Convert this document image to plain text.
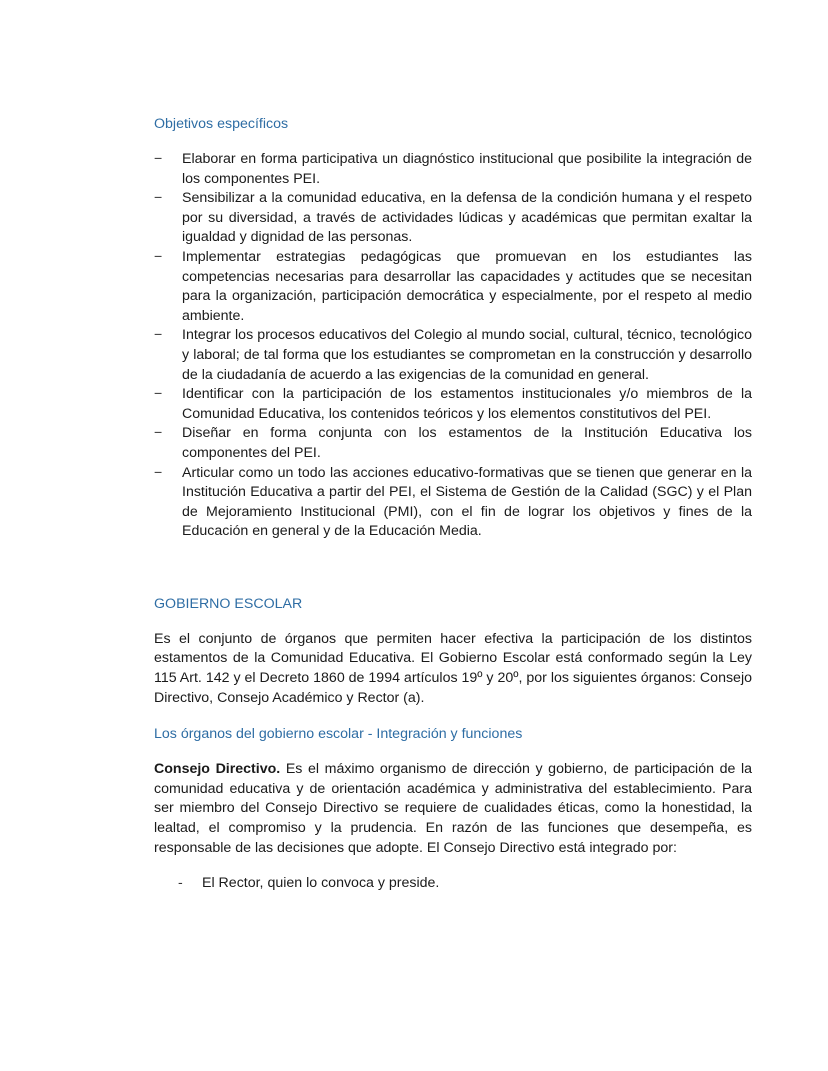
Objetivos específicos
−	Elaborar en forma participativa un diagnóstico institucional que posibilite la integración de los componentes PEI.
−	Sensibilizar a la comunidad educativa, en la defensa de la condición humana y el respeto por su diversidad, a través de actividades lúdicas y académicas que permitan exaltar la igualdad y dignidad de las personas.
−	Implementar estrategias pedagógicas que promuevan en los estudiantes las competencias necesarias para desarrollar las capacidades y actitudes que se necesitan para la organización, participación democrática y especialmente, por el respeto al medio ambiente.
−	Integrar los procesos educativos del Colegio al mundo social, cultural, técnico, tecnológico y laboral; de tal forma que los estudiantes se comprometan en la construcción y desarrollo de la ciudadanía de acuerdo a las exigencias de la comunidad en general.
−	Identificar con la participación de los estamentos institucionales y/o miembros de la Comunidad Educativa, los contenidos teóricos y los elementos constitutivos del PEI.
−	Diseñar en forma conjunta con los estamentos de la Institución Educativa los componentes del PEI.
−	Articular como un todo las acciones educativo-formativas que se tienen que generar en la Institución Educativa a partir del PEI, el Sistema de Gestión de la Calidad (SGC) y el Plan de Mejoramiento Institucional (PMI), con el fin de lograr los objetivos y fines de la Educación en general y de la Educación Media.
GOBIERNO ESCOLAR

Es el conjunto de órganos que permiten hacer efectiva la participación de los distintos estamentos de la Comunidad Educativa. El Gobierno Escolar está conformado según la Ley 115 Art. 142 y el Decreto 1860 de 1994 artículos 19º y 20º, por los siguientes órganos: Consejo Directivo, Consejo Académico y Rector (a).

Los órganos del gobierno escolar - Integración y funciones

Consejo Directivo. Es el máximo organismo de dirección y gobierno, de participación de la comunidad educativa y de orientación académica y administrativa del establecimiento. Para ser miembro del Consejo Directivo se requiere de cualidades éticas, como la honestidad, la lealtad, el compromiso y la prudencia. En razón de las funciones que desempeña, es responsable de las decisiones que adopte. El Consejo Directivo está integrado por:

- El Rector, quien lo convoca y preside.
